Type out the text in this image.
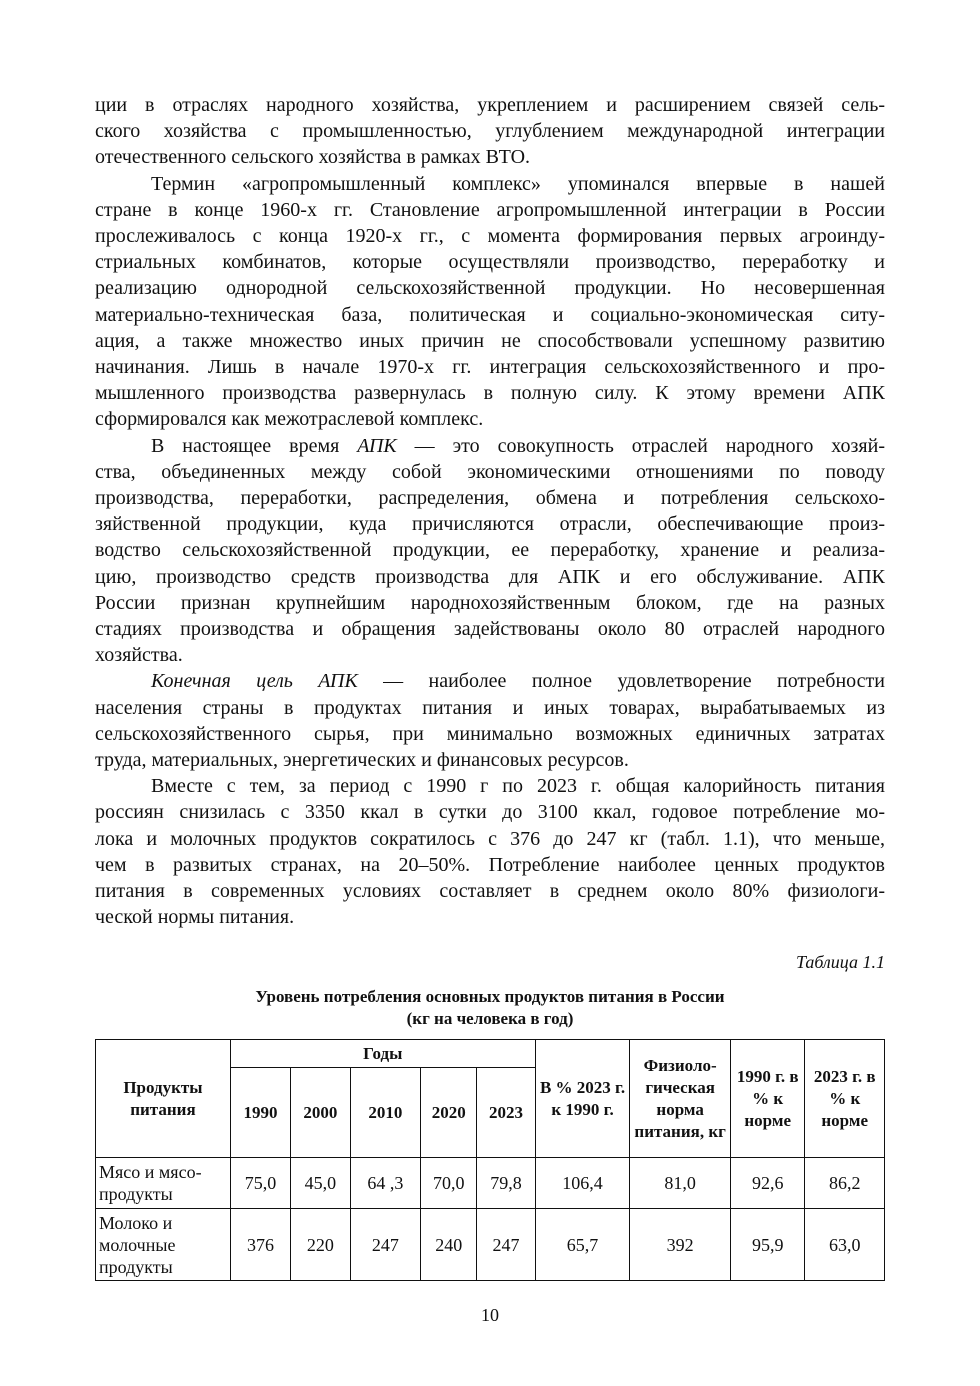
ции в отраслях народного хозяйства, укреплением и расширением связей сель-
ского хозяйства с промышленностью, углублением международной интеграции
отечественного сельского хозяйства в рамках ВТО.
Термин «агропромышленный комплекс» упоминался впервые в нашей
стране в конце 1960-х гг. Становление агропромышленной интеграции в России
прослеживалось с конца 1920-х гг., с момента формирования первых агроинду-
стриальных комбинатов, которые осуществляли производство, переработку и
реализацию однородной сельскохозяйственной продукции. Но несовершенная
материально-техническая база, политическая и социально-экономическая ситу-
ация, а также множество иных причин не способствовали успешному развитию
начинания. Лишь в начале 1970-х гг. интеграция сельскохозяйственного и про-
мышленного производства развернулась в полную силу. К этому времени АПК
сформировался как межотраслевой комплекс.
В настоящее время АПК — это совокупность отраслей народного хозяй-
ства, объединенных между собой экономическими отношениями по поводу
производства, переработки, распределения, обмена и потребления сельскохо-
зяйственной продукции, куда причисляются отрасли, обеспечивающие произ-
водство сельскохозяйственной продукции, ее переработку, хранение и реализа-
цию, производство средств производства для АПК и его обслуживание. АПК
России признан крупнейшим народнохозяйственным блоком, где на разных
стадиях производства и обращения задействованы около 80 отраслей народного
хозяйства.
Конечная цель АПК — наиболее полное удовлетворение потребности
населения страны в продуктах питания и иных товарах, вырабатываемых из
сельскохозяйственного сырья, при минимально возможных единичных затратах
труда, материальных, энергетических и финансовых ресурсов.
Вместе с тем, за период с 1990 г по 2023 г. общая калорийность питания
россиян снизилась с 3350 ккал в сутки до 3100 ккал, годовое потребление мо-
лока и молочных продуктов сократилось с 376 до 247 кг (табл. 1.1), что меньше,
чем в развитых странах, на 20–50%. Потребление наиболее ценных продуктов
питания в современных условиях составляет в среднем около 80% физиологи-
ческой нормы питания.
Таблица 1.1
Уровень потребления основных продуктов питания в России
(кг на человека в год)
Продукты питания	Годы					В % 2023 г. к 1990 г.	Физиоло-гическая норма питания, кг	1990 г. в % к норме	2023 г. в % к норме
	1990	2000	2010	2020	2023				
Мясо и мясо-продукты	75,0	45,0	64 ,3	70,0	79,8	106,4	81,0	92,6	86,2
Молоко и молочные продукты	376	220	247	240	247	65,7	392	95,9	63,0
10
